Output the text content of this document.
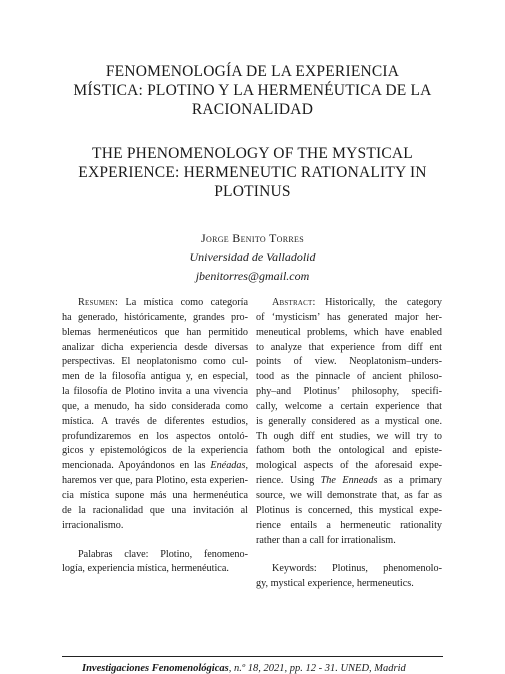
FENOMENOLOGÍA DE LA EXPERIENCIA
MÍSTICA: PLOTINO Y LA HERMENÉUTICA DE LA
RACIONALIDAD
THE PHENOMENOLOGY OF THE MYSTICAL
EXPERIENCE: HERMENEUTIC RATIONALITY IN
PLOTINUS
Jorge Benito Torres
Universidad de Valladolid
jbenitorres@gmail.com
Resumen: La mística como categoría
ha generado, históricamente, grandes pro-
blemas hermenéuticos que han permitido
analizar dicha experiencia desde diversas
perspectivas. El neoplatonismo como cul-
men de la filosofía antigua y, en especial,
la filosofía de Plotino invita a una vivencia
que, a menudo, ha sido considerada como
mística. A través de diferentes estudios,
profundizaremos en los aspectos ontoló-
gicos y epistemológicos de la experiencia
mencionada. Apoyándonos en las Enéadas,
haremos ver que, para Plotino, esta experien-
cia mística supone más una hermenéutica
de la racionalidad que una invitación al
irracionalismo.
Palabras clave: Plotino, fenomeno-
logía, experiencia mística, hermenéutica.
Abstract: Historically, the category
of ‘mysticism’ has generated major her-
meneutical problems, which have enabled
to analyze that experience from diff ent
points of view. Neoplatonism–unders-
tood as the pinnacle of ancient philoso-
phy–and Plotinus’ philosophy, specifi-
cally, welcome a certain experience that
is generally considered as a mystical one.
Th ough diff ent studies, we will try to
fathom both the ontological and episte-
mological aspects of the aforesaid expe-
rience. Using The Enneads as a primary
source, we will demonstrate that, as far as
Plotinus is concerned, this mystical expe-
rience entails a hermeneutic rationality
rather than a call for irrationalism.
Keywords: Plotinus, phenomenolo-
gy, mystical experience, hermeneutics.
Investigaciones Fenomenológicas, n.º 18, 2021, pp. 12 - 31. UNED, Madrid
